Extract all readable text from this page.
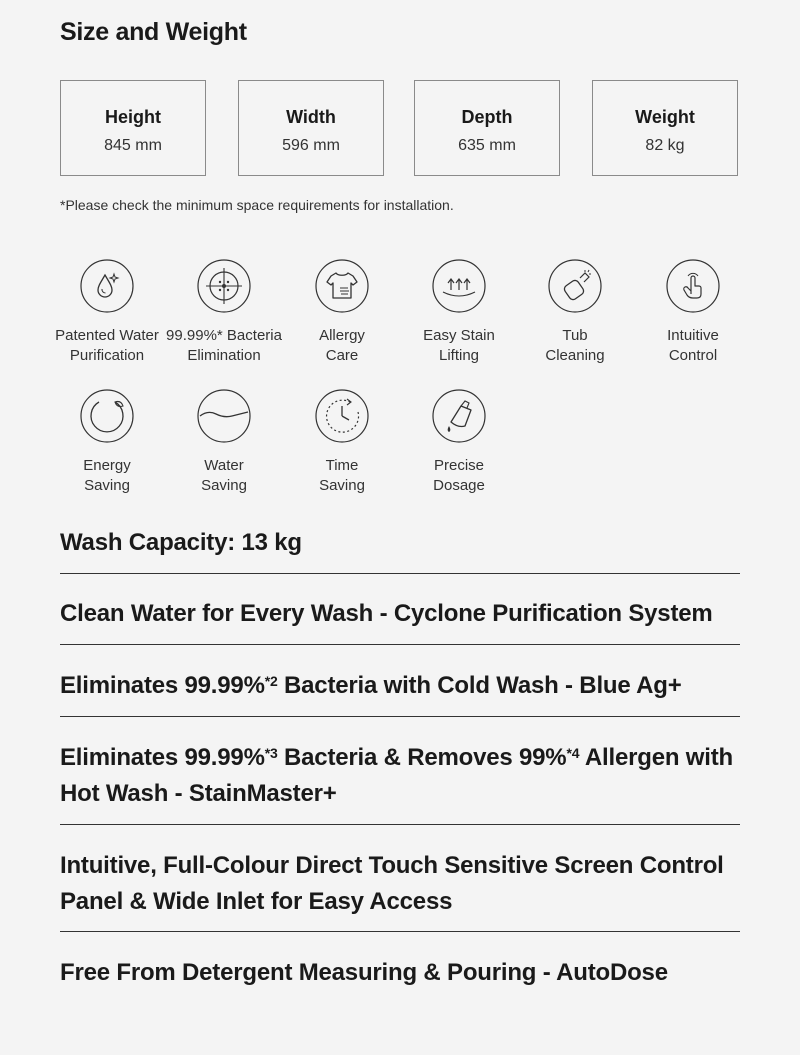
Size and Weight
Height
845 mm
Width
596 mm
Depth
635 mm
Weight
82 kg
*Please check the minimum space requirements for installation.
Patented Water
Purification
99.99%* Bacteria
Elimination
Allergy
Care
Easy Stain
Lifting
Tub
Cleaning
Intuitive
Control
Energy
Saving
Water
Saving
Time
Saving
Precise
Dosage
Wash Capacity: 13 kg
Clean Water for Every Wash - Cyclone Purification System
Eliminates 99.99%$^{*2}$ Bacteria with Cold Wash - Blue Ag+
Eliminates 99.99%$^{*3}$ Bacteria & Removes 99%$^{*4}$ Allergen with Hot Wash - StainMaster+
Intuitive, Full-Colour Direct Touch Sensitive Screen Control Panel & Wide Inlet for Easy Access
Free From Detergent Measuring & Pouring - AutoDose
